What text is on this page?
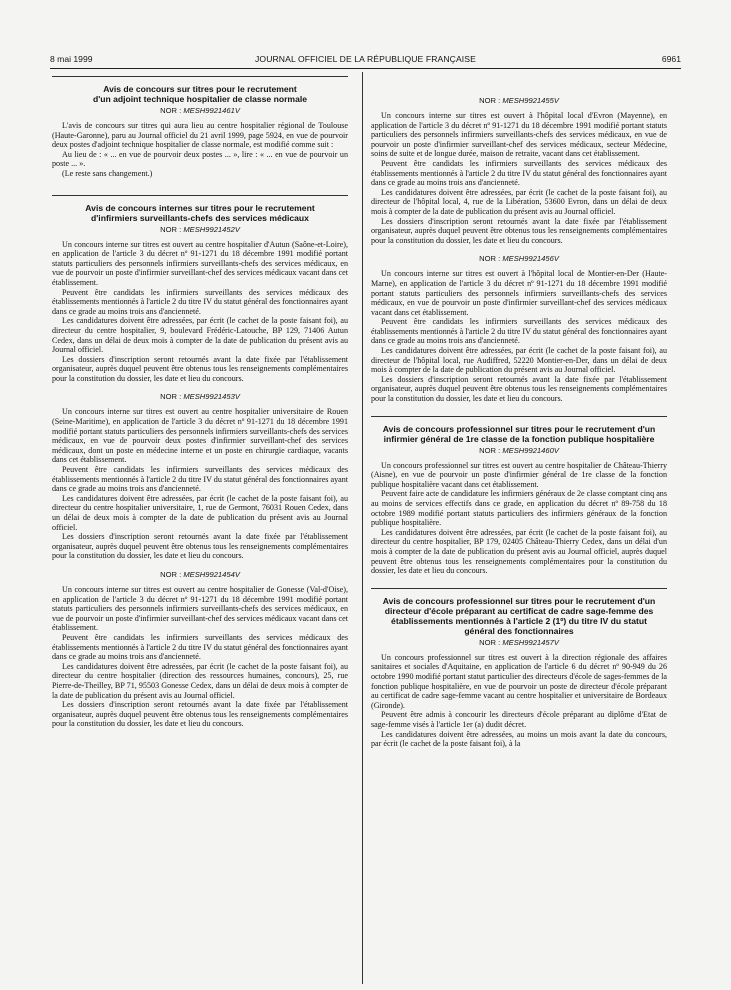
8 mai 1999	JOURNAL OFFICIEL DE LA RÉPUBLIQUE FRANÇAISE	6961
Avis de concours sur titres pour le recrutement
d'un adjoint technique hospitalier de classe normale
NOR : MESH9921461V

L'avis de concours sur titres qui aura lieu au centre hospitalier régional de Toulouse (Haute-Garonne), paru au Journal officiel du 21 avril 1999, page 5924, en vue de pourvoir deux postes d'adjoint technique hospitalier de classe normale, est modifié comme suit :

Au lieu de : « ... en vue de pourvoir deux postes ... », lire : « ... en vue de pourvoir un poste ... ».

(Le reste sans changement.)

Avis de concours internes sur titres pour le recrutement
d'infirmiers surveillants-chefs des services médicaux
NOR : MESH9921452V

Un concours interne sur titres est ouvert au centre hospitalier d'Autun (Saône-et-Loire), en application de l'article 3 du décret nº 91-1271 du 18 décembre 1991 modifié portant statuts particuliers des personnels infirmiers surveillants-chefs des services médicaux, en vue de pourvoir un poste d'infirmier surveillant-chef des services médicaux vacant dans cet établissement.

Peuvent être candidats les infirmiers surveillants des services médicaux des établissements mentionnés à l'article 2 du titre IV du statut général des fonctionnaires ayant dans ce grade au moins trois ans d'ancienneté.

Les candidatures doivent être adressées, par écrit (le cachet de la poste faisant foi), au directeur du centre hospitalier, 9, boulevard Frédéric-Latouche, BP 129, 71406 Autun Cedex, dans un délai de deux mois à compter de la date de publication du présent avis au Journal officiel.

Les dossiers d'inscription seront retournés avant la date fixée par l'établissement organisateur, auprès duquel peuvent être obtenus tous les renseignements complémentaires pour la constitution du dossier, les date et lieu du concours.

NOR : MESH9921453V

Un concours interne sur titres est ouvert au centre hospitalier universitaire de Rouen (Seine-Maritime), en application de l'article 3 du décret nº 91-1271 du 18 décembre 1991 modifié portant statuts particuliers des personnels infirmiers surveillants-chefs des services médicaux, en vue de pourvoir deux postes d'infirmier surveillant-chef des services médicaux, dont un poste en médecine interne et un poste en chirurgie cardiaque, vacants dans cet établissement.

Peuvent être candidats les infirmiers surveillants des services médicaux des établissements mentionnés à l'article 2 du titre IV du statut général des fonctionnaires ayant dans ce grade au moins trois ans d'ancienneté.

Les candidatures doivent être adressées, par écrit (le cachet de la poste faisant foi), au directeur du centre hospitalier universitaire, 1, rue de Germont, 76031 Rouen Cedex, dans un délai de deux mois à compter de la date de publication du présent avis au Journal officiel.

Les dossiers d'inscription seront retournés avant la date fixée par l'établissement organisateur, auprès duquel peuvent être obtenus tous les renseignements complémentaires pour la constitution du dossier, les date et lieu du concours.

NOR : MESH9921454V

Un concours interne sur titres est ouvert au centre hospitalier de Gonesse (Val-d'Oise), en application de l'article 3 du décret nº 91-1271 du 18 décembre 1991 modifié portant statuts particuliers des personnels infirmiers surveillants-chefs des services médicaux, en vue de pourvoir un poste d'infirmier surveillant-chef des services médicaux vacant dans cet établissement.

Peuvent être candidats les infirmiers surveillants des services médicaux des établissements mentionnés à l'article 2 du titre IV du statut général des fonctionnaires ayant dans ce grade au moins trois ans d'ancienneté.

Les candidatures doivent être adressées, par écrit (le cachet de la poste faisant foi), au directeur du centre hospitalier (direction des ressources humaines, concours), 25, rue Pierre-de-Theilley, BP 71, 95503 Gonesse Cedex, dans un délai de deux mois à compter de la date de publication du présent avis au Journal officiel.

Les dossiers d'inscription seront retournés avant la date fixée par l'établissement organisateur, auprès duquel peuvent être obtenus tous les renseignements complémentaires pour la constitution du dossier, les date et lieu du concours.

NOR : MESH9921455V

Un concours interne sur titres est ouvert à l'hôpital local d'Evron (Mayenne), en application de l'article 3 du décret nº 91-1271 du 18 décembre 1991 modifié portant statuts particuliers des personnels infirmiers surveillants-chefs des services médicaux, en vue de pourvoir un poste d'infirmier surveillant-chef des services médicaux, secteur Médecine, soins de suite et de longue durée, maison de retraite, vacant dans cet établissement.

Peuvent être candidats les infirmiers surveillants des services médicaux des établissements mentionnés à l'article 2 du titre IV du statut général des fonctionnaires ayant dans ce grade au moins trois ans d'ancienneté.

Les candidatures doivent être adressées, par écrit (le cachet de la poste faisant foi), au directeur de l'hôpital local, 4, rue de la Libération, 53600 Evron, dans un délai de deux mois à compter de la date de publication du présent avis au Journal officiel.

Les dossiers d'inscription seront retournés avant la date fixée par l'établissement organisateur, auprès duquel peuvent être obtenus tous les renseignements complémentaires pour la constitution du dossier, les date et lieu du concours.

NOR : MESH9921456V

Un concours interne sur titres est ouvert à l'hôpital local de Montier-en-Der (Haute-Marne), en application de l'article 3 du décret nº 91-1271 du 18 décembre 1991 modifié portant statuts particuliers des personnels infirmiers surveillants-chefs des services médicaux, en vue de pourvoir un poste d'infirmier surveillant-chef des services médicaux vacant dans cet établissement.

Peuvent être candidats les infirmiers surveillants des services médicaux des établissements mentionnés à l'article 2 du titre IV du statut général des fonctionnaires ayant dans ce grade au moins trois ans d'ancienneté.

Les candidatures doivent être adressées, par écrit (le cachet de la poste faisant foi), au directeur de l'hôpital local, rue Audiffred, 52220 Montier-en-Der, dans un délai de deux mois à compter de la date de publication du présent avis au Journal officiel.

Les dossiers d'inscription seront retournés avant la date fixée par l'établissement organisateur, auprès duquel peuvent être obtenus tous les renseignements complémentaires pour la constitution du dossier, les date et lieu du concours.

Avis de concours professionnel sur titres pour le recrutement d'un infirmier général de 1re classe de la fonction publique hospitalière
NOR : MESH9921460V

Un concours professionnel sur titres est ouvert au centre hospitalier de Château-Thierry (Aisne), en vue de pourvoir un poste d'infirmier général de 1re classe de la fonction publique hospitalière vacant dans cet établissement.

Peuvent faire acte de candidature les infirmiers généraux de 2e classe comptant cinq ans au moins de services effectifs dans ce grade, en application du décret nº 89-758 du 18 octobre 1989 modifié portant statuts particuliers des infirmiers généraux de la fonction publique hospitalière.

Les candidatures doivent être adressées, par écrit (le cachet de la poste faisant foi), au directeur du centre hospitalier, BP 179, 02405 Château-Thierry Cedex, dans un délai d'un mois à compter de la date de publication du présent avis au Journal officiel, auprès duquel peuvent être obtenus tous les renseignements complémentaires pour la constitution du dossier, les date et lieu du concours.

Avis de concours professionnel sur titres pour le recrutement d'un directeur d'école préparant au certificat de cadre sage-femme des établissements mentionnés à l'article 2 (1º) du titre IV du statut général des fonctionnaires
NOR : MESH9921457V

Un concours professionnel sur titres est ouvert à la direction régionale des affaires sanitaires et sociales d'Aquitaine, en application de l'article 6 du décret nº 90-949 du 26 octobre 1990 modifié portant statut particulier des directeurs d'école de sages-femmes de la fonction publique hospitalière, en vue de pourvoir un poste de directeur d'école préparant au certificat de cadre sage-femme vacant au centre hospitalier et universitaire de Bordeaux (Gironde).

Peuvent être admis à concourir les directeurs d'école préparant au diplôme d'Etat de sage-femme visés à l'article 1er (a) dudit décret.

Les candidatures doivent être adressées, au moins un mois avant la date du concours, par écrit (le cachet de la poste faisant foi), à la
